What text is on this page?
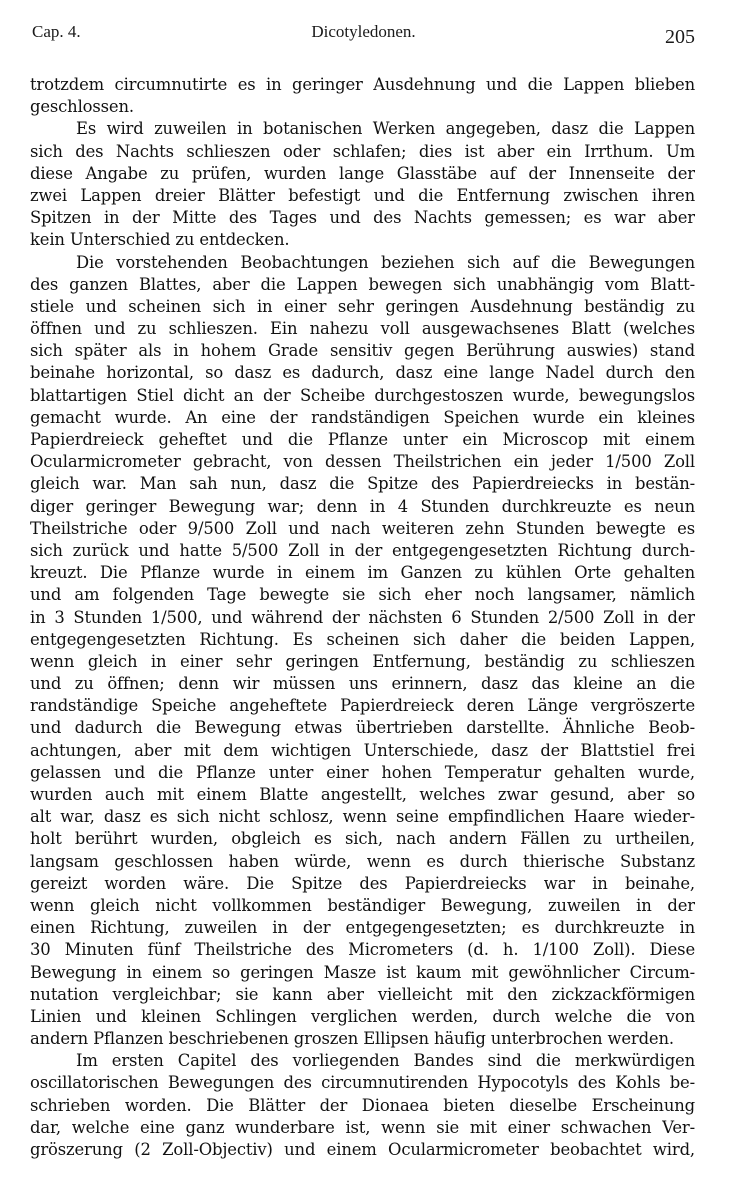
Cap. 4.	Dicotyledonen.	205
trotzdem circumnutirte es in geringer Ausdehnung und die Lappen blieben
geschlossen.
Es wird zuweilen in botanischen Werken angegeben, dasz die Lappen
sich des Nachts schlieszen oder schlafen; dies ist aber ein Irrthum. Um
diese Angabe zu prüfen, wurden lange Glasstäbe auf der Innenseite der
zwei Lappen dreier Blätter befestigt und die Entfernung zwischen ihren
Spitzen in der Mitte des Tages und des Nachts gemessen; es war aber
kein Unterschied zu entdecken.
Die vorstehenden Beobachtungen beziehen sich auf die Bewegungen
des ganzen Blattes, aber die Lappen bewegen sich unabhängig vom Blatt-
stiele und scheinen sich in einer sehr geringen Ausdehnung beständig zu
öffnen und zu schlieszen. Ein nahezu voll ausgewachsenes Blatt (welches
sich später als in hohem Grade sensitiv gegen Berührung auswies) stand
beinahe horizontal, so dasz es dadurch, dasz eine lange Nadel durch den
blattartigen Stiel dicht an der Scheibe durchgestoszen wurde, bewegungslos
gemacht wurde. An eine der randständigen Speichen wurde ein kleines
Papierdreieck geheftet und die Pflanze unter ein Microscop mit einem
Ocularmicrometer gebracht, von dessen Theilstrichen ein jeder 1/500 Zoll
gleich war. Man sah nun, dasz die Spitze des Papierdreiecks in bestän-
diger geringer Bewegung war; denn in 4 Stunden durchkreuzte es neun
Theilstriche oder 9/500 Zoll und nach weiteren zehn Stunden bewegte es
sich zurück und hatte 5/500 Zoll in der entgegengesetzten Richtung durch-
kreuzt. Die Pflanze wurde in einem im Ganzen zu kühlen Orte gehalten
und am folgenden Tage bewegte sie sich eher noch langsamer, nämlich
in 3 Stunden 1/500, und während der nächsten 6 Stunden 2/500 Zoll in der
entgegengesetzten Richtung. Es scheinen sich daher die beiden Lappen,
wenn gleich in einer sehr geringen Entfernung, beständig zu schlieszen
und zu öffnen; denn wir müssen uns erinnern, dasz das kleine an die
randständige Speiche angeheftete Papierdreieck deren Länge vergröszerte
und dadurch die Bewegung etwas übertrieben darstellte. Ähnliche Beob-
achtungen, aber mit dem wichtigen Unterschiede, dasz der Blattstiel frei
gelassen und die Pflanze unter einer hohen Temperatur gehalten wurde,
wurden auch mit einem Blatte angestellt, welches zwar gesund, aber so
alt war, dasz es sich nicht schlosz, wenn seine empfindlichen Haare wieder-
holt berührt wurden, obgleich es sich, nach andern Fällen zu urtheilen,
langsam geschlossen haben würde, wenn es durch thierische Substanz
gereizt worden wäre. Die Spitze des Papierdreiecks war in beinahe,
wenn gleich nicht vollkommen beständiger Bewegung, zuweilen in der
einen Richtung, zuweilen in der entgegengesetzten; es durchkreuzte in
30 Minuten fünf Theilstriche des Micrometers (d. h. 1/100 Zoll). Diese
Bewegung in einem so geringen Masze ist kaum mit gewöhnlicher Circum-
nutation vergleichbar; sie kann aber vielleicht mit den zickzackförmigen
Linien und kleinen Schlingen verglichen werden, durch welche die von
andern Pflanzen beschriebenen groszen Ellipsen häufig unterbrochen werden.
Im ersten Capitel des vorliegenden Bandes sind die merkwürdigen
oscillatorischen Bewegungen des circumnutirenden Hypocotyls des Kohls be-
schrieben worden. Die Blätter der Dionaea bieten dieselbe Erscheinung
dar, welche eine ganz wunderbare ist, wenn sie mit einer schwachen Ver-
gröszerung (2 Zoll-Objectiv) und einem Ocularmicrometer beobachtet wird,
